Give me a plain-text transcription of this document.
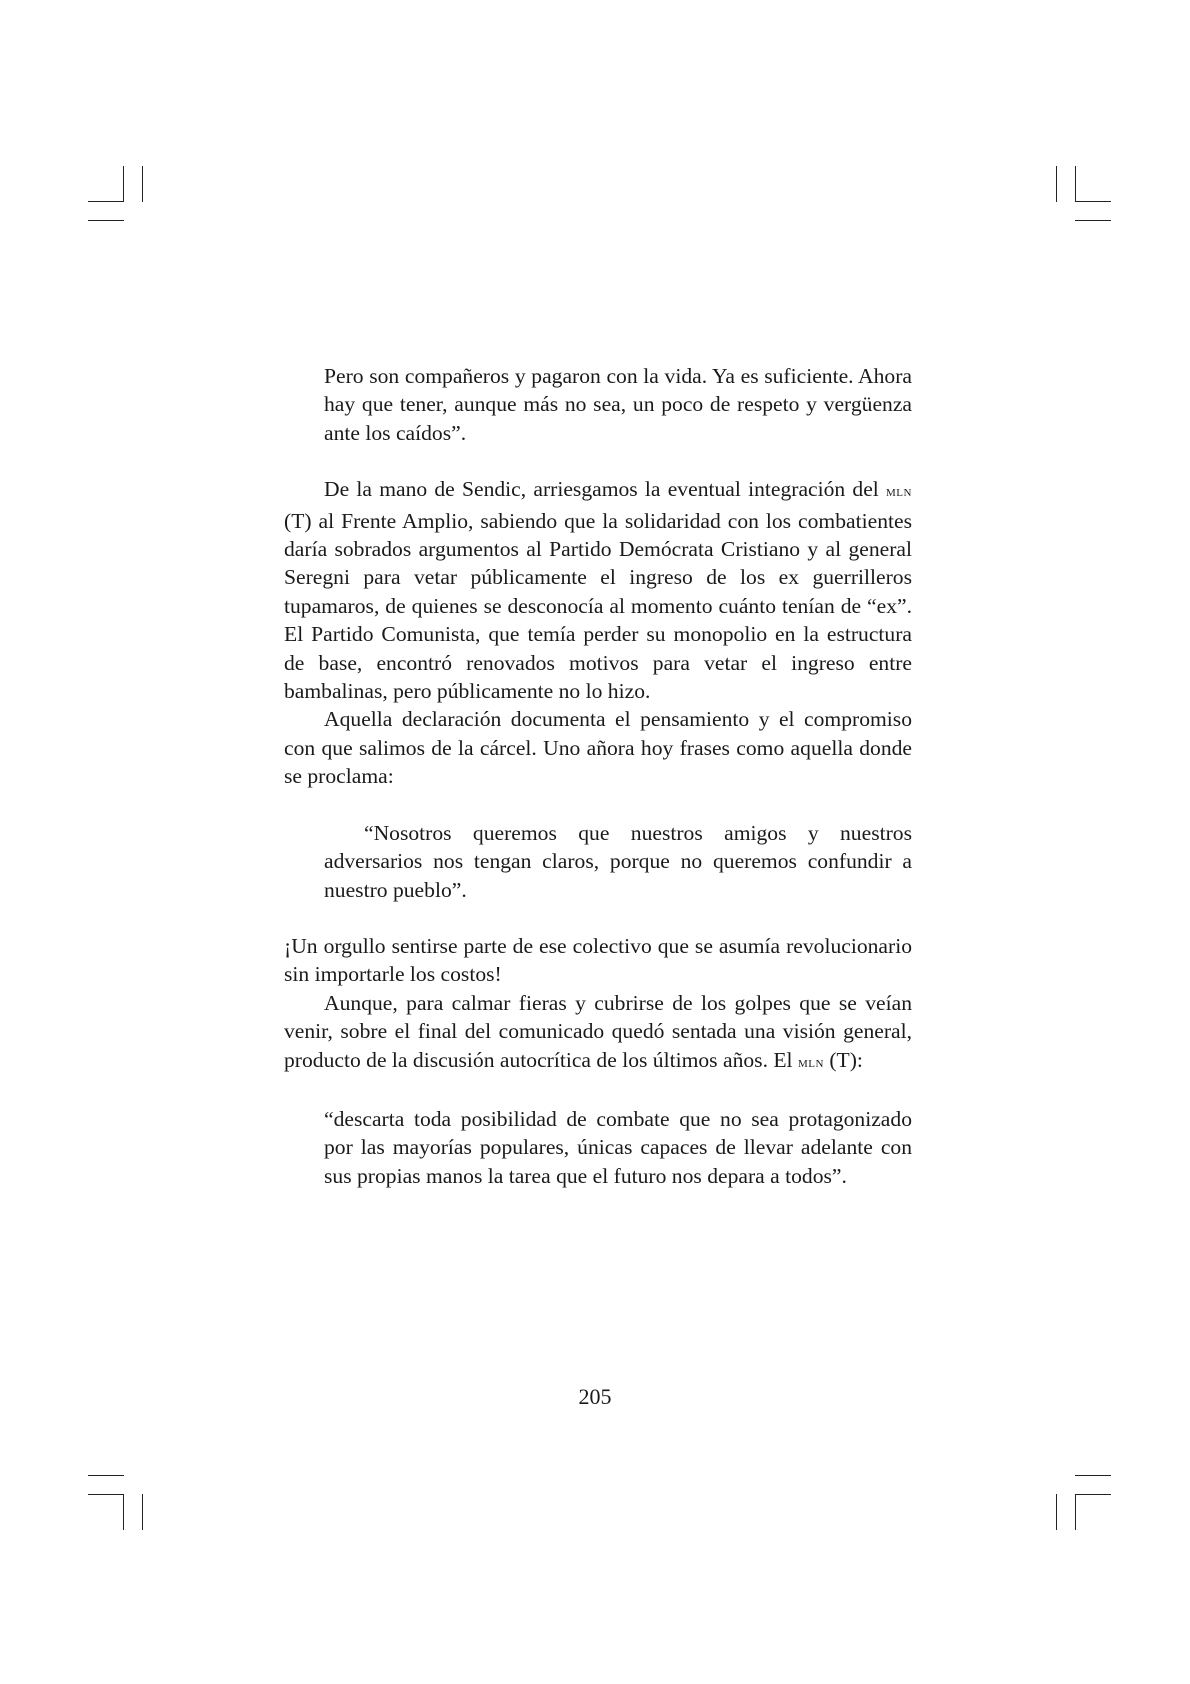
Pero son compañeros y pagaron con la vida. Ya es suficiente. Ahora hay que tener, aunque más no sea, un poco de respeto y vergüenza ante los caídos”.

De la mano de Sendic, arriesgamos la eventual integración del mln (T) al Frente Amplio, sabiendo que la solidaridad con los combatientes daría sobrados argumentos al Partido Demócrata Cristiano y al general Seregni para vetar públicamente el ingreso de los ex guerrilleros tupamaros, de quienes se desconocía al momento cuánto tenían de “ex”. El Partido Comunista, que temía perder su monopolio en la estructura de base, encontró renovados motivos para vetar el ingreso entre bambalinas, pero públicamente no lo hizo.

Aquella declaración documenta el pensamiento y el compromiso con que salimos de la cárcel. Uno añora hoy frases como aquella donde se proclama:

“Nosotros queremos que nuestros amigos y nuestros adversarios nos tengan claros, porque no queremos confundir a nuestro pueblo”.

¡Un orgullo sentirse parte de ese colectivo que se asumía revolucionario sin importarle los costos!

Aunque, para calmar fieras y cubrirse de los golpes que se veían venir, sobre el final del comunicado quedó sentada una visión general, producto de la discusión autocrítica de los últimos años. El mln (T):

“descarta toda posibilidad de combate que no sea protagonizado por las mayorías populares, únicas capaces de llevar adelante con sus propias manos la tarea que el futuro nos depara a todos”.

205
